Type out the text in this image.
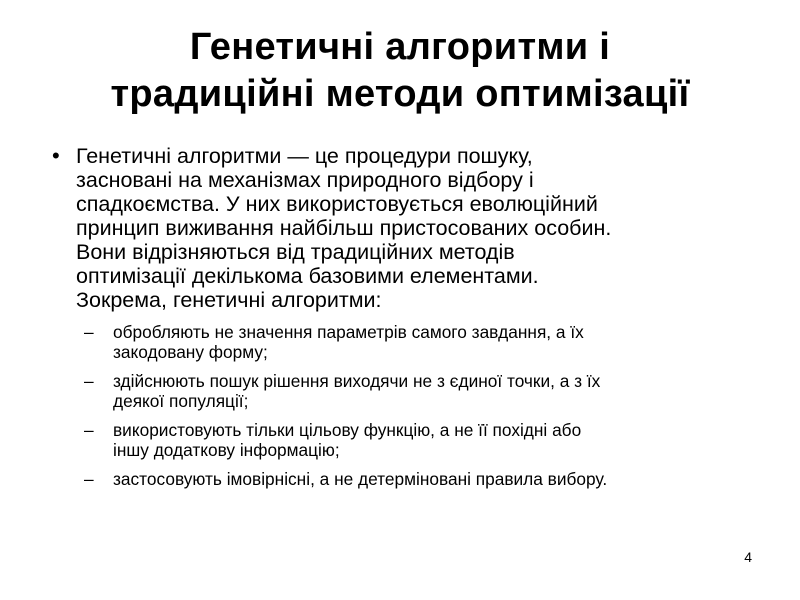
Генетичні алгоритми і
традиційні методи оптимізації
• Генетичні алгоритми — це процедури пошуку,
засновані на механізмах природного відбору і
спадкоємства. У них використовується еволюційний
принцип виживання найбільш пристосованих особин.
Вони відрізняються від традиційних методів
оптимізації декількома базовими елементами.
Зокрема, генетичні алгоритми:
– обробляють не значення параметрів самого завдання, а їх
закодовану форму;
– здійснюють пошук рішення виходячи не з єдиної точки, а з їх
деякої популяції;
– використовують тільки цільову функцію, а не її похідні або
іншу додаткову інформацію;
– застосовують імовірнісні, а не детерміновані правила вибору.
4
